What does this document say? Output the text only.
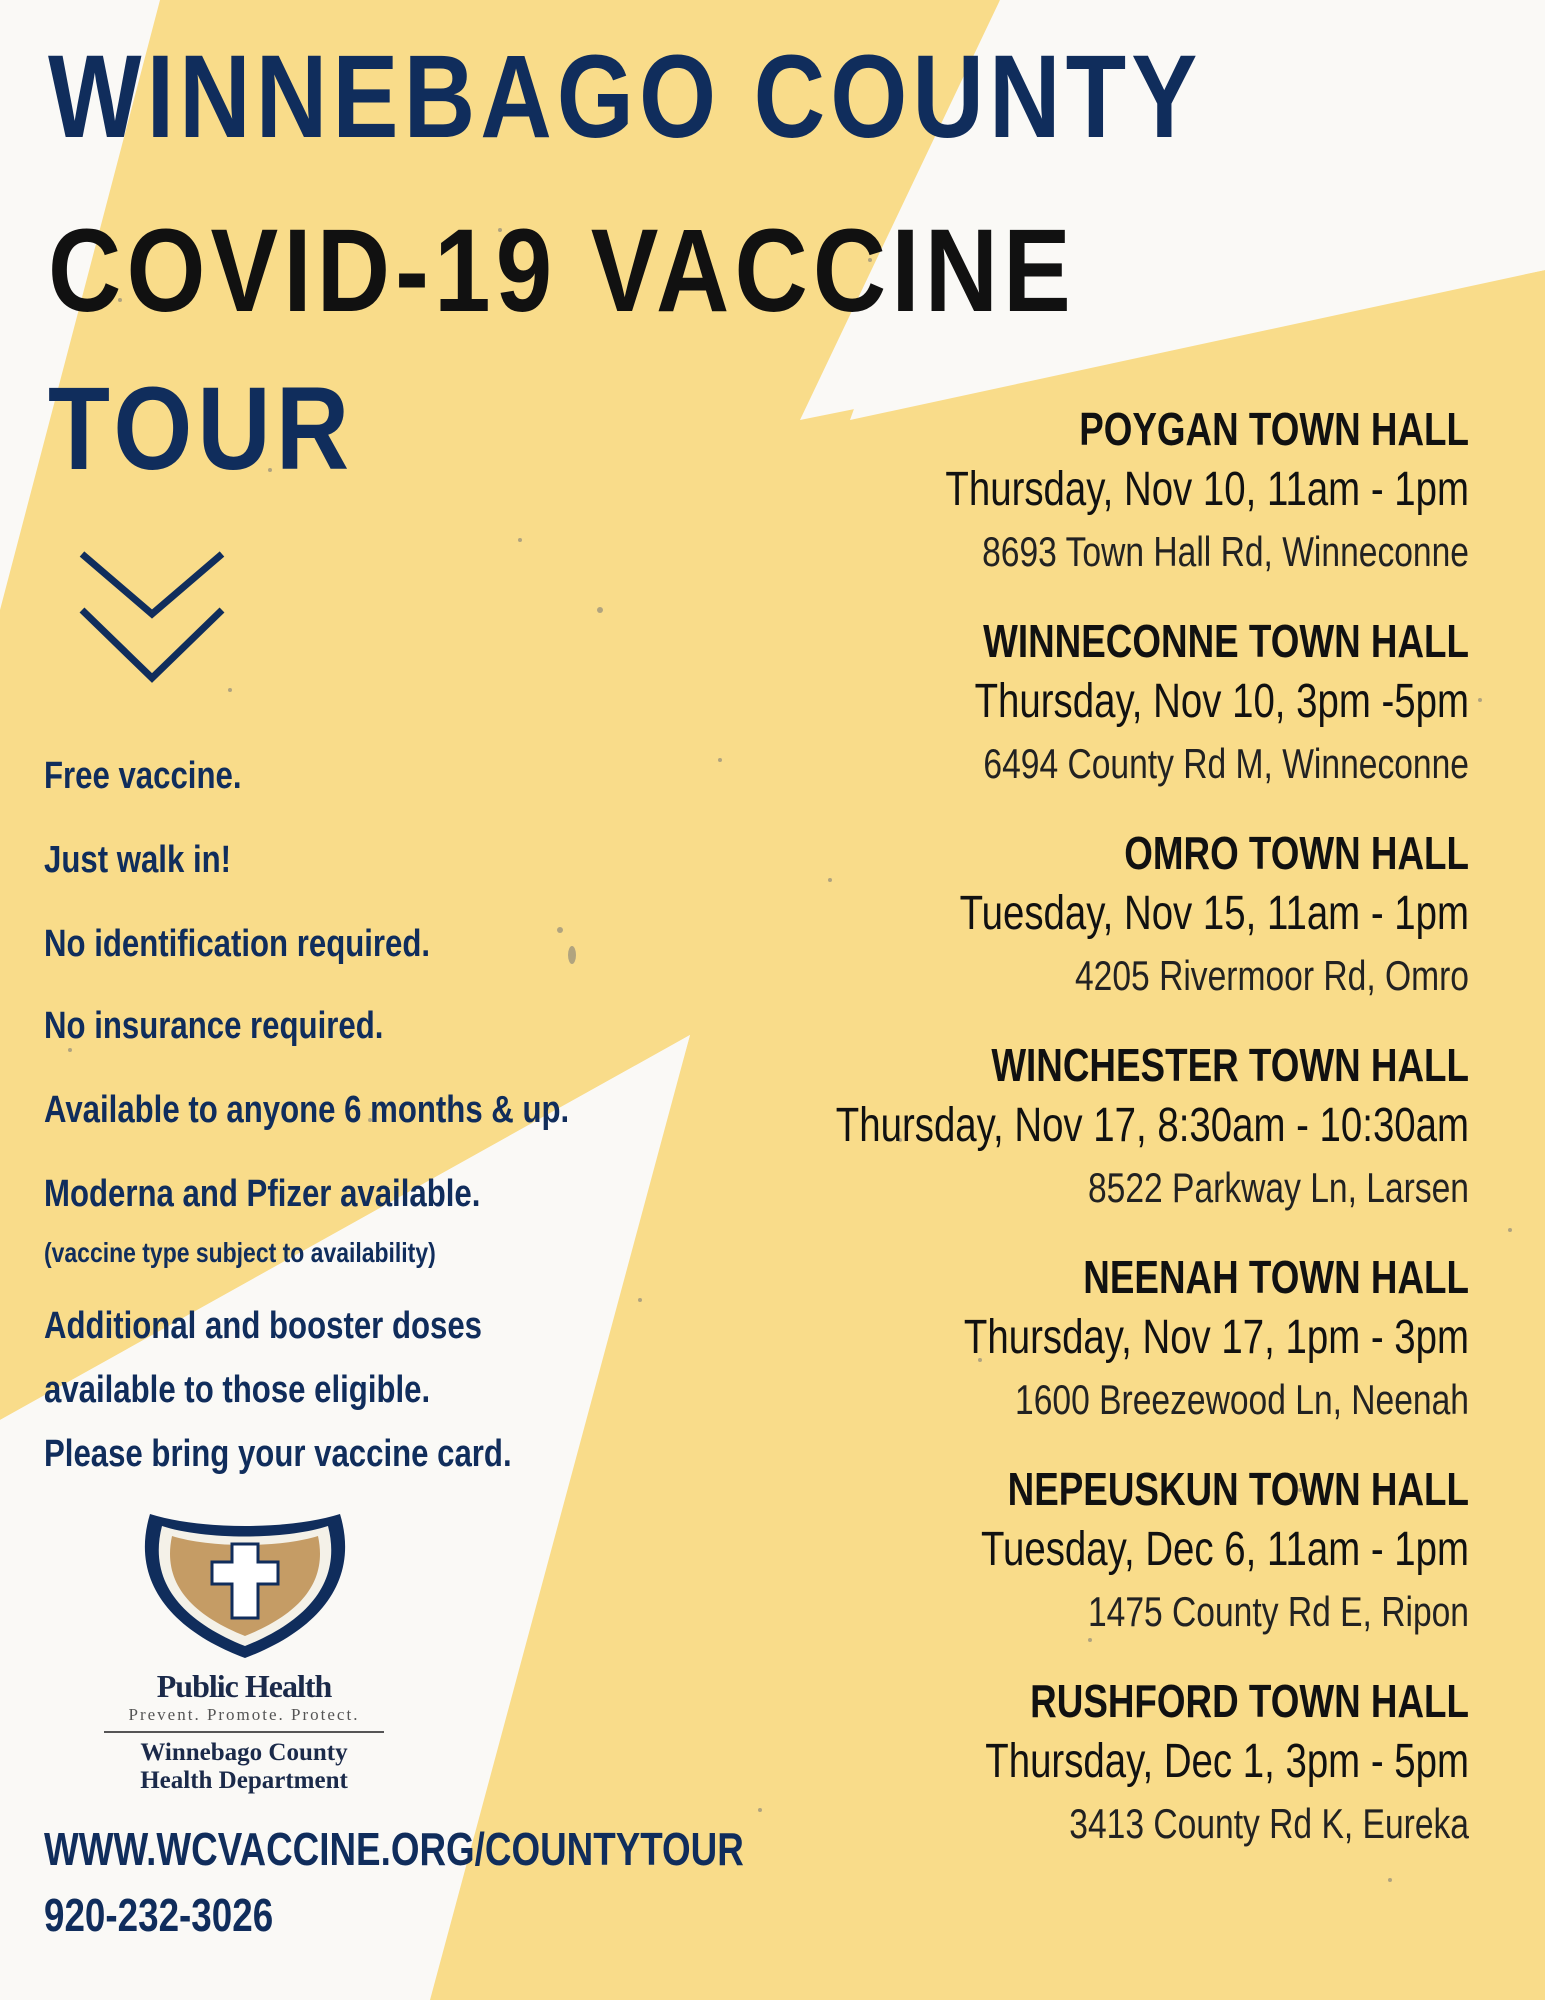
WINNEBAGO COUNTY
COVID-19 VACCINE
TOUR
Free vaccine.
Just walk in!
No identification required.
No insurance required.
Available to anyone 6 months & up.
Moderna and Pfizer available.
(vaccine type subject to availability)
Additional and booster doses
available to those eligible.
Please bring your vaccine card.
POYGAN TOWN HALL
Thursday, Nov 10, 11am - 1pm
8693 Town Hall Rd, Winneconne
WINNECONNE TOWN HALL
Thursday, Nov 10, 3pm -5pm
6494 County Rd M, Winneconne
OMRO TOWN HALL
Tuesday, Nov 15, 11am - 1pm
4205 Rivermoor Rd, Omro
WINCHESTER TOWN HALL
Thursday, Nov 17, 8:30am - 10:30am
8522 Parkway Ln, Larsen
NEENAH TOWN HALL
Thursday, Nov 17, 1pm - 3pm
1600 Breezewood Ln, Neenah
NEPEUSKUN TOWN HALL
Tuesday, Dec 6, 11am - 1pm
1475 County Rd E, Ripon
RUSHFORD TOWN HALL
Thursday, Dec 1, 3pm - 5pm
3413 County Rd K, Eureka
Public Health
Prevent. Promote. Protect.
Winnebago County
Health Department
WWW.WCVACCINE.ORG/COUNTYTOUR
920-232-3026
